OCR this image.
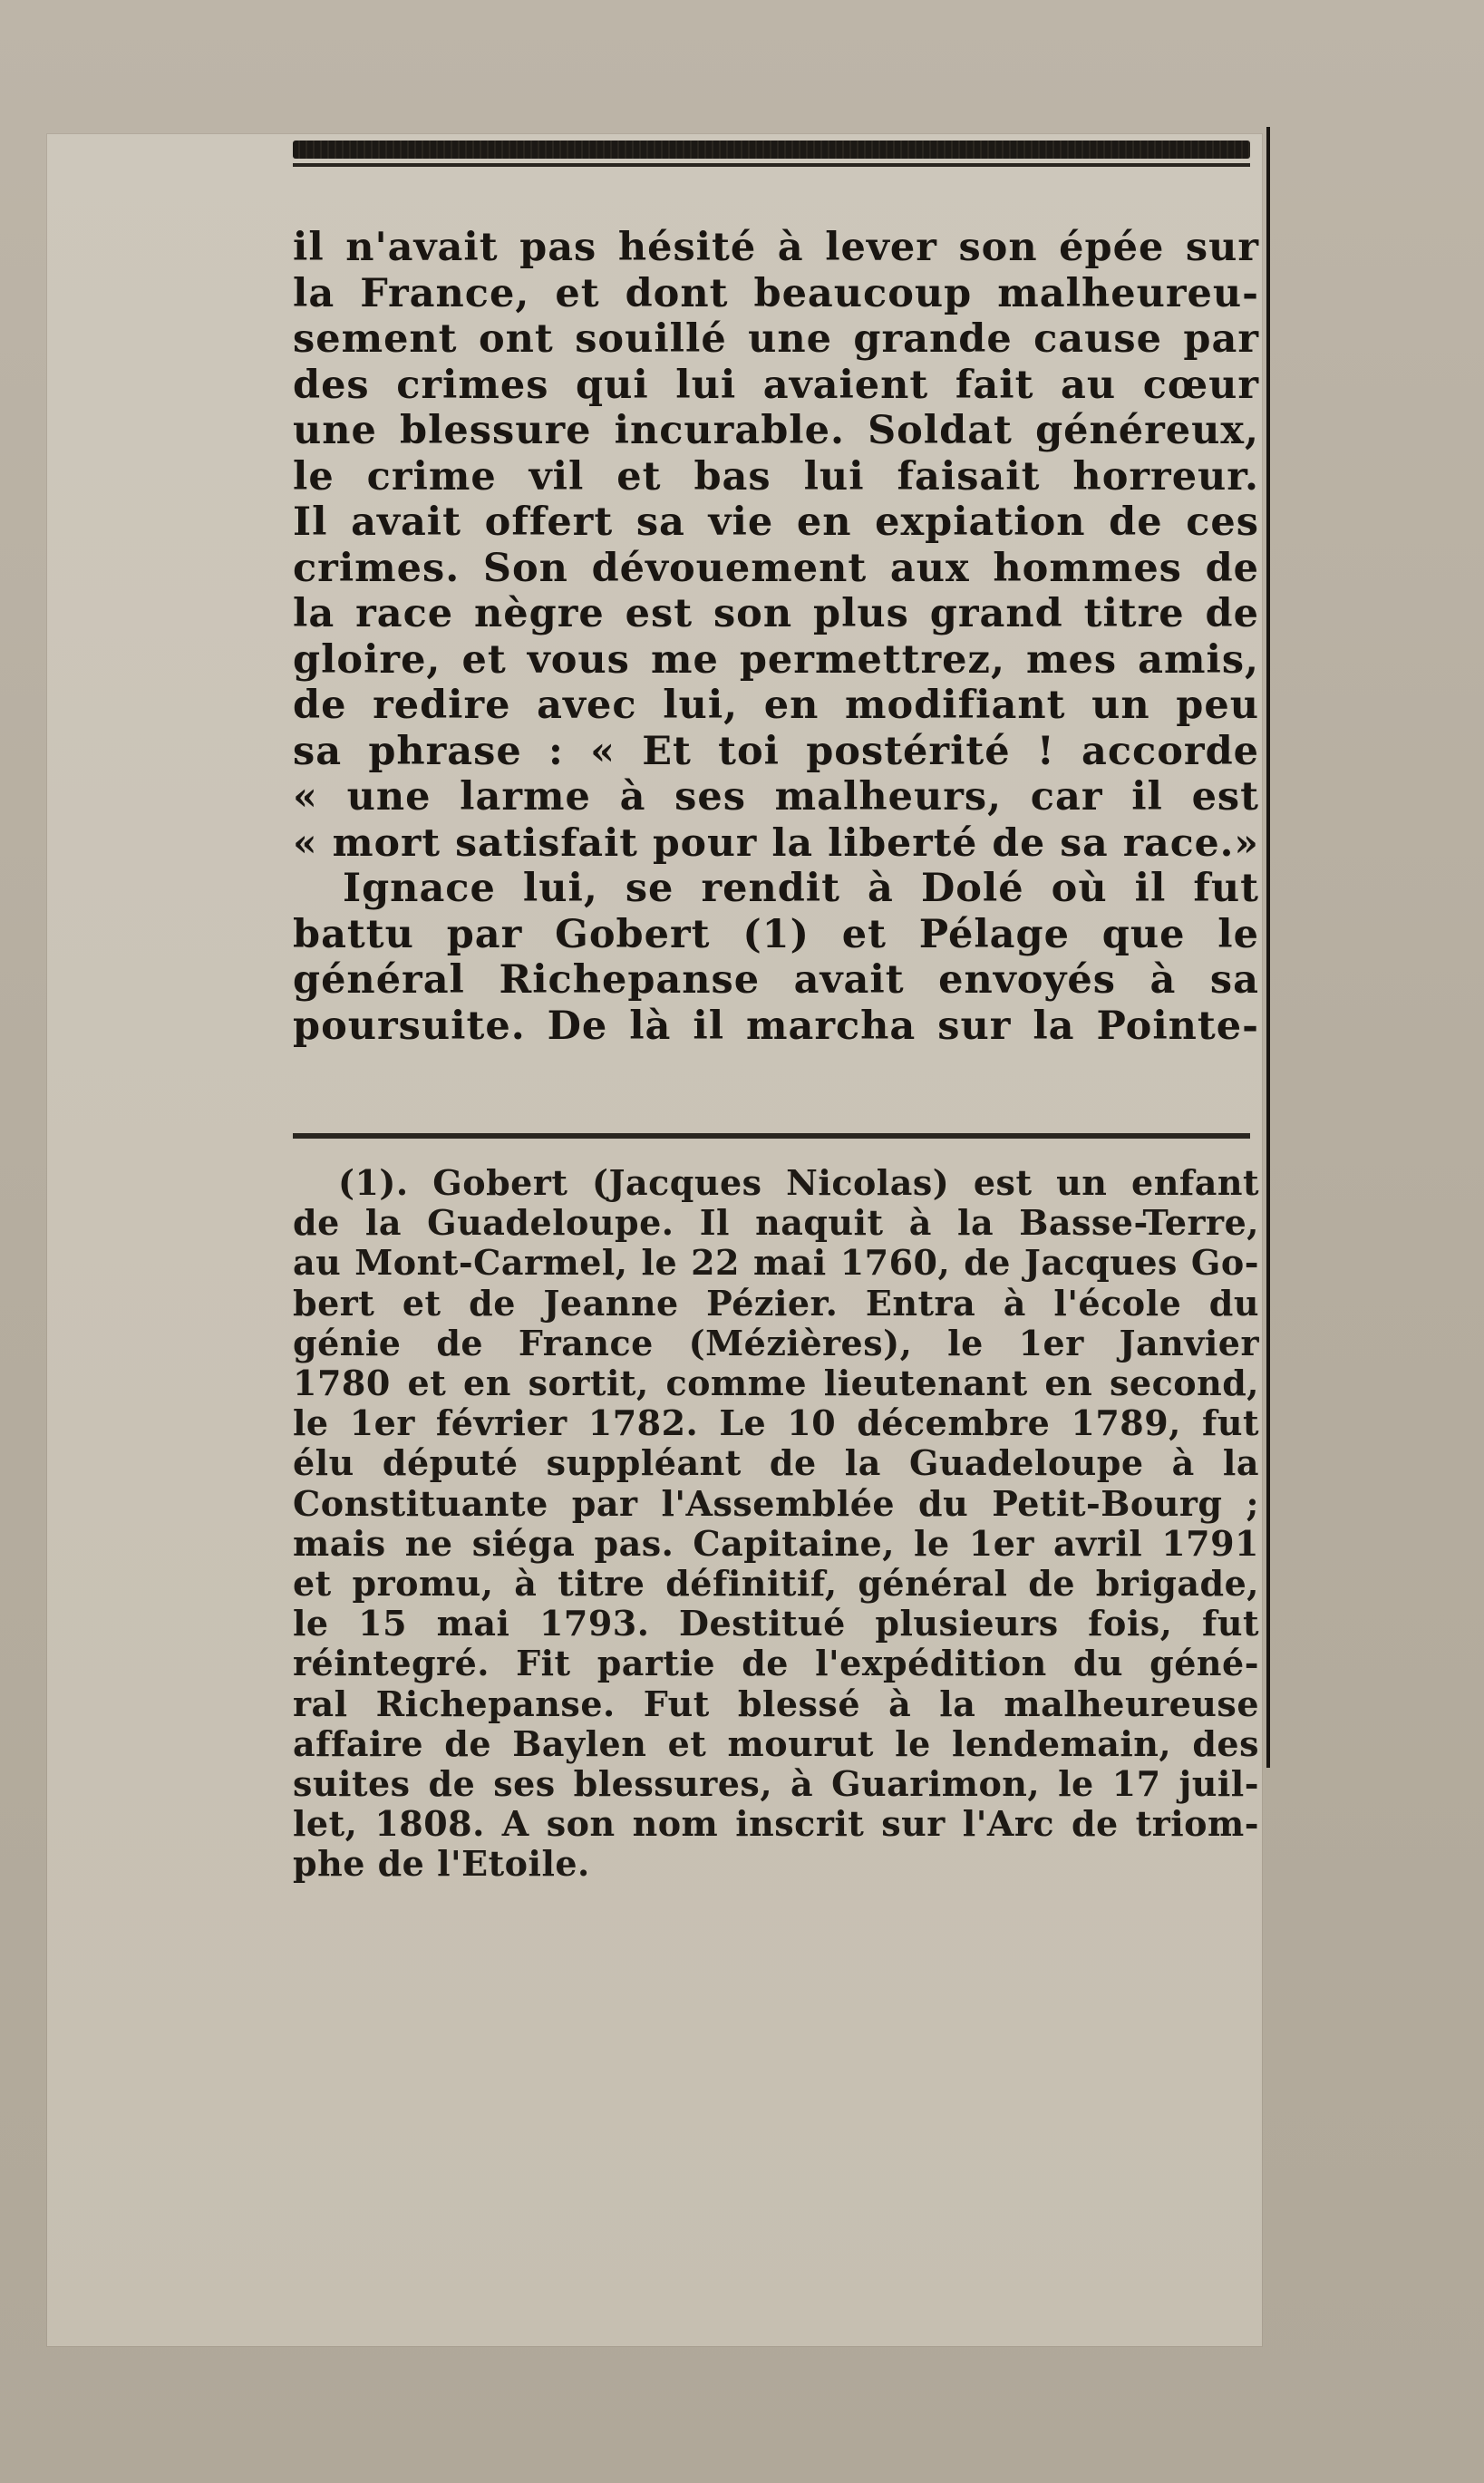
il n'avait pas hésité à lever son épée sur
la France, et dont beaucoup malheureu-
sement ont souillé une grande cause par
des crimes qui lui avaient fait au cœur
une blessure incurable. Soldat généreux,
le crime vil et bas lui faisait horreur.
Il avait offert sa vie en expiation de ces
crimes. Son dévouement aux hommes de
la race nègre est son plus grand titre de
gloire, et vous me permettrez, mes amis,
de redire avec lui, en modifiant un peu
sa phrase : « Et toi postérité ! accorde
« une larme à ses malheurs, car il est
« mort satisfait pour la liberté de sa race.»
Ignace lui, se rendit à Dolé où il fut
battu par Gobert (1) et Pélage que le
général Richepanse avait envoyés à sa
poursuite. De là il marcha sur la Pointe-
(1). Gobert (Jacques Nicolas) est un enfant
de la Guadeloupe. Il naquit à la Basse-Terre,
au Mont-Carmel, le 22 mai 1760, de Jacques Go-
bert et de Jeanne Pézier. Entra à l'école du
génie de France (Mézières), le 1er Janvier
1780 et en sortit, comme lieutenant en second,
le 1er février 1782. Le 10 décembre 1789, fut
élu député suppléant de la Guadeloupe à la
Constituante par l'Assemblée du Petit-Bourg ;
mais ne siéga pas. Capitaine, le 1er avril 1791
et promu, à titre définitif, général de brigade,
le 15 mai 1793. Destitué plusieurs fois, fut
réintegré. Fit partie de l'expédition du géné-
ral Richepanse. Fut blessé à la malheureuse
affaire de Baylen et mourut le lendemain, des
suites de ses blessures, à Guarimon, le 17 juil-
let, 1808. A son nom inscrit sur l'Arc de triom-
phe de l'Etoile.
